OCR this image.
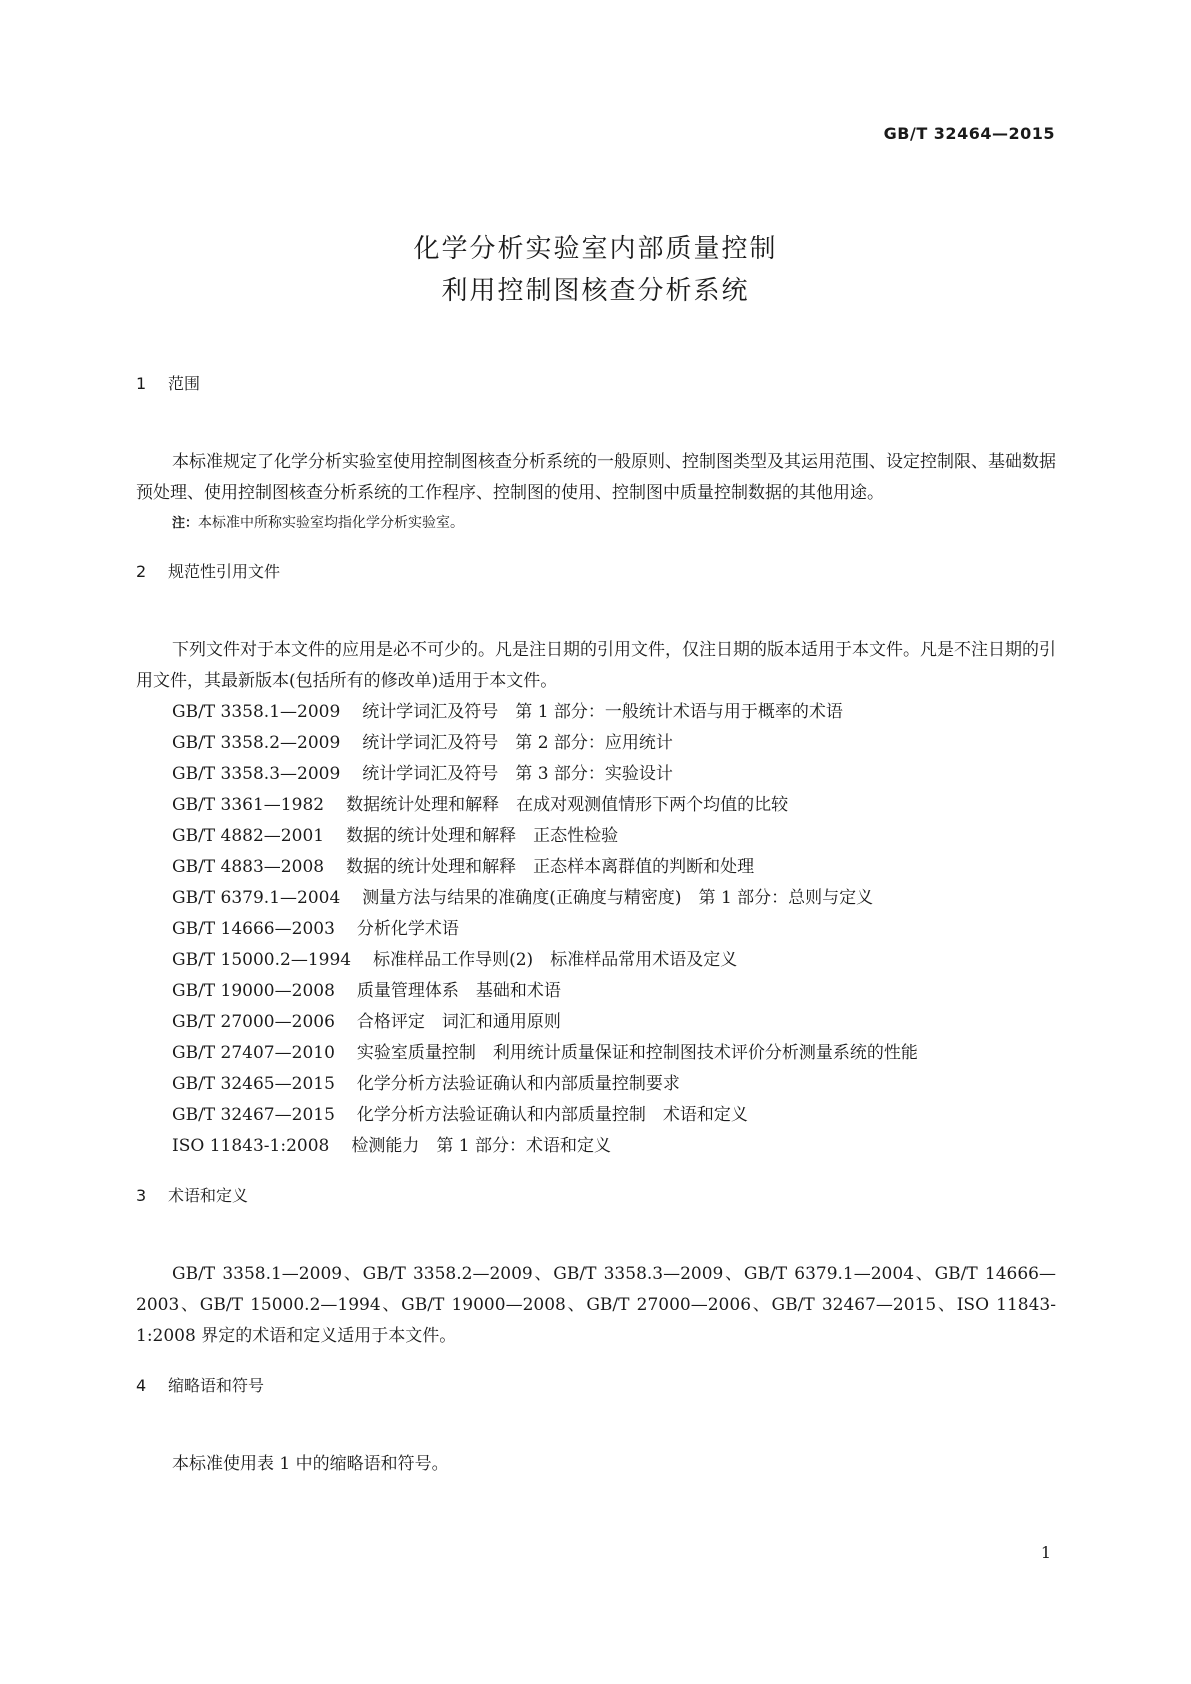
GB/T 32464—2015
化学分析实验室内部质量控制
利用控制图核查分析系统
1 范围

本标准规定了化学分析实验室使用控制图核查分析系统的一般原则、控制图类型及其运用范围、设定控制限、基础数据预处理、使用控制图核查分析系统的工作程序、控制图的使用、控制图中质量控制数据的其他用途。

注：本标准中所称实验室均指化学分析实验室。

2 规范性引用文件

下列文件对于本文件的应用是必不可少的。凡是注日期的引用文件，仅注日期的版本适用于本文件。凡是不注日期的引用文件，其最新版本(包括所有的修改单)适用于本文件。

GB/T 3358.1—2009 统计学词汇及符号　第 1 部分：一般统计术语与用于概率的术语
GB/T 3358.2—2009 统计学词汇及符号　第 2 部分：应用统计
GB/T 3358.3—2009 统计学词汇及符号　第 3 部分：实验设计
GB/T 3361—1982 数据统计处理和解释　在成对观测值情形下两个均值的比较
GB/T 4882—2001 数据的统计处理和解释　正态性检验
GB/T 4883—2008 数据的统计处理和解释　正态样本离群值的判断和处理
GB/T 6379.1—2004 测量方法与结果的准确度(正确度与精密度)　第 1 部分：总则与定义
GB/T 14666—2003 分析化学术语
GB/T 15000.2—1994 标准样品工作导则(2)　标准样品常用术语及定义
GB/T 19000—2008 质量管理体系　基础和术语
GB/T 27000—2006 合格评定　词汇和通用原则
GB/T 27407—2010 实验室质量控制　利用统计质量保证和控制图技术评价分析测量系统的性能
GB/T 32465—2015 化学分析方法验证确认和内部质量控制要求
GB/T 32467—2015 化学分析方法验证确认和内部质量控制　术语和定义
ISO 11843-1:2008 检测能力　第 1 部分：术语和定义
3 术语和定义

GB/T 3358.1—2009、GB/T 3358.2—2009、GB/T 3358.3—2009、GB/T 6379.1—2004、GB/T 14666—2003、GB/T 15000.2—1994、GB/T 19000—2008、GB/T 27000—2006、GB/T 32467—2015、ISO 11843-1:2008 界定的术语和定义适用于本文件。

4 缩略语和符号

本标准使用表 1 中的缩略语和符号。

1
